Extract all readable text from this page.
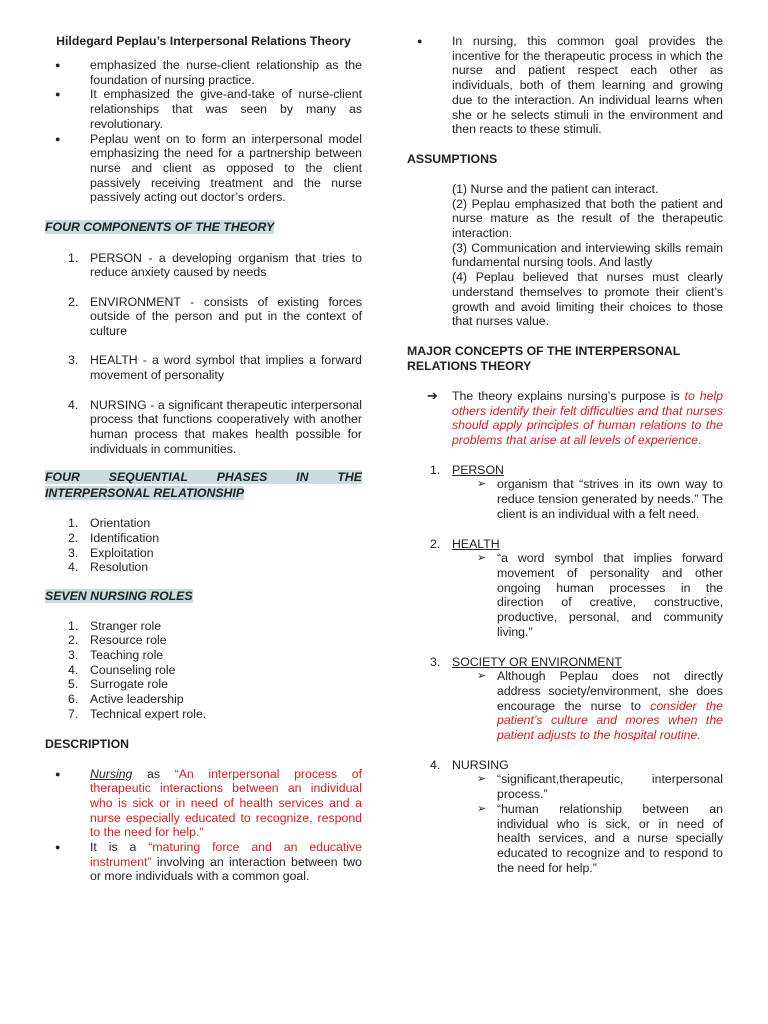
Hildegard Peplau’s Interpersonal Relations Theory

● emphasized the nurse-client relationship as the foundation of nursing practice.
● It emphasized the give-and-take of nurse-client relationships that was seen by many as revolutionary.
● Peplau went on to form an interpersonal model emphasizing the need for a partnership between nurse and client as opposed to the client passively receiving treatment and the nurse passively acting out doctor’s orders.
FOUR COMPONENTS OF THE THEORY
1. PERSON - a developing organism that tries to reduce anxiety caused by needs
2. ENVIRONMENT - consists of existing forces outside of the person and put in the context of culture
3. HEALTH - a word symbol that implies a forward movement of personality
4. NURSING - a significant therapeutic interpersonal process that functions cooperatively with another human process that makes health possible for individuals in communities.
FOUR SEQUENTIAL PHASES IN THE INTERPERSONAL RELATIONSHIP
1. Orientation
2. Identification
3. Exploitation
4. Resolution
SEVEN NURSING ROLES
1. Stranger role
2. Resource role
3. Teaching role
4. Counseling role
5. Surrogate role
6. Active leadership
7. Technical expert role.
DESCRIPTION
● Nursing as “An interpersonal process of therapeutic interactions between an individual who is sick or in need of health services and a nurse especially educated to recognize, respond to the need for help.”
● It is a “maturing force and an educative instrument” involving an interaction between two or more individuals with a common goal.
● In nursing, this common goal provides the incentive for the therapeutic process in which the nurse and patient respect each other as individuals, both of them learning and growing due to the interaction. An individual learns when she or he selects stimuli in the environment and then reacts to these stimuli.
ASSUMPTIONS

(1) Nurse and the patient can interact.

(2) Peplau emphasized that both the patient and nurse mature as the result of the therapeutic interaction.

(3) Communication and interviewing skills remain fundamental nursing tools. And lastly

(4) Peplau believed that nurses must clearly understand themselves to promote their client’s growth and avoid limiting their choices to those that nurses value.

MAJOR CONCEPTS OF THE INTERPERSONAL RELATIONS THEORY
➔ The theory explains nursing’s purpose is to help others identify their felt difficulties and that nurses should apply principles of human relations to the problems that arise at all levels of experience.
1. PERSON
➢ organism that “strives in its own way to reduce tension generated by needs.” The client is an individual with a felt need.
2. HEALTH
➢ “a word symbol that implies forward movement of personality and other ongoing human processes in the direction of creative, constructive, productive, personal, and community living.”
3. SOCIETY OR ENVIRONMENT
➢ Although Peplau does not directly address society/environment, she does encourage the nurse to consider the patient’s culture and mores when the patient adjusts to the hospital routine.
4. NURSING
➢ “significant,therapeutic, interpersonal process.”
➢ “human relationship between an individual who is sick, or in need of health services, and a nurse specially educated to recognize and to respond to the need for help.”
